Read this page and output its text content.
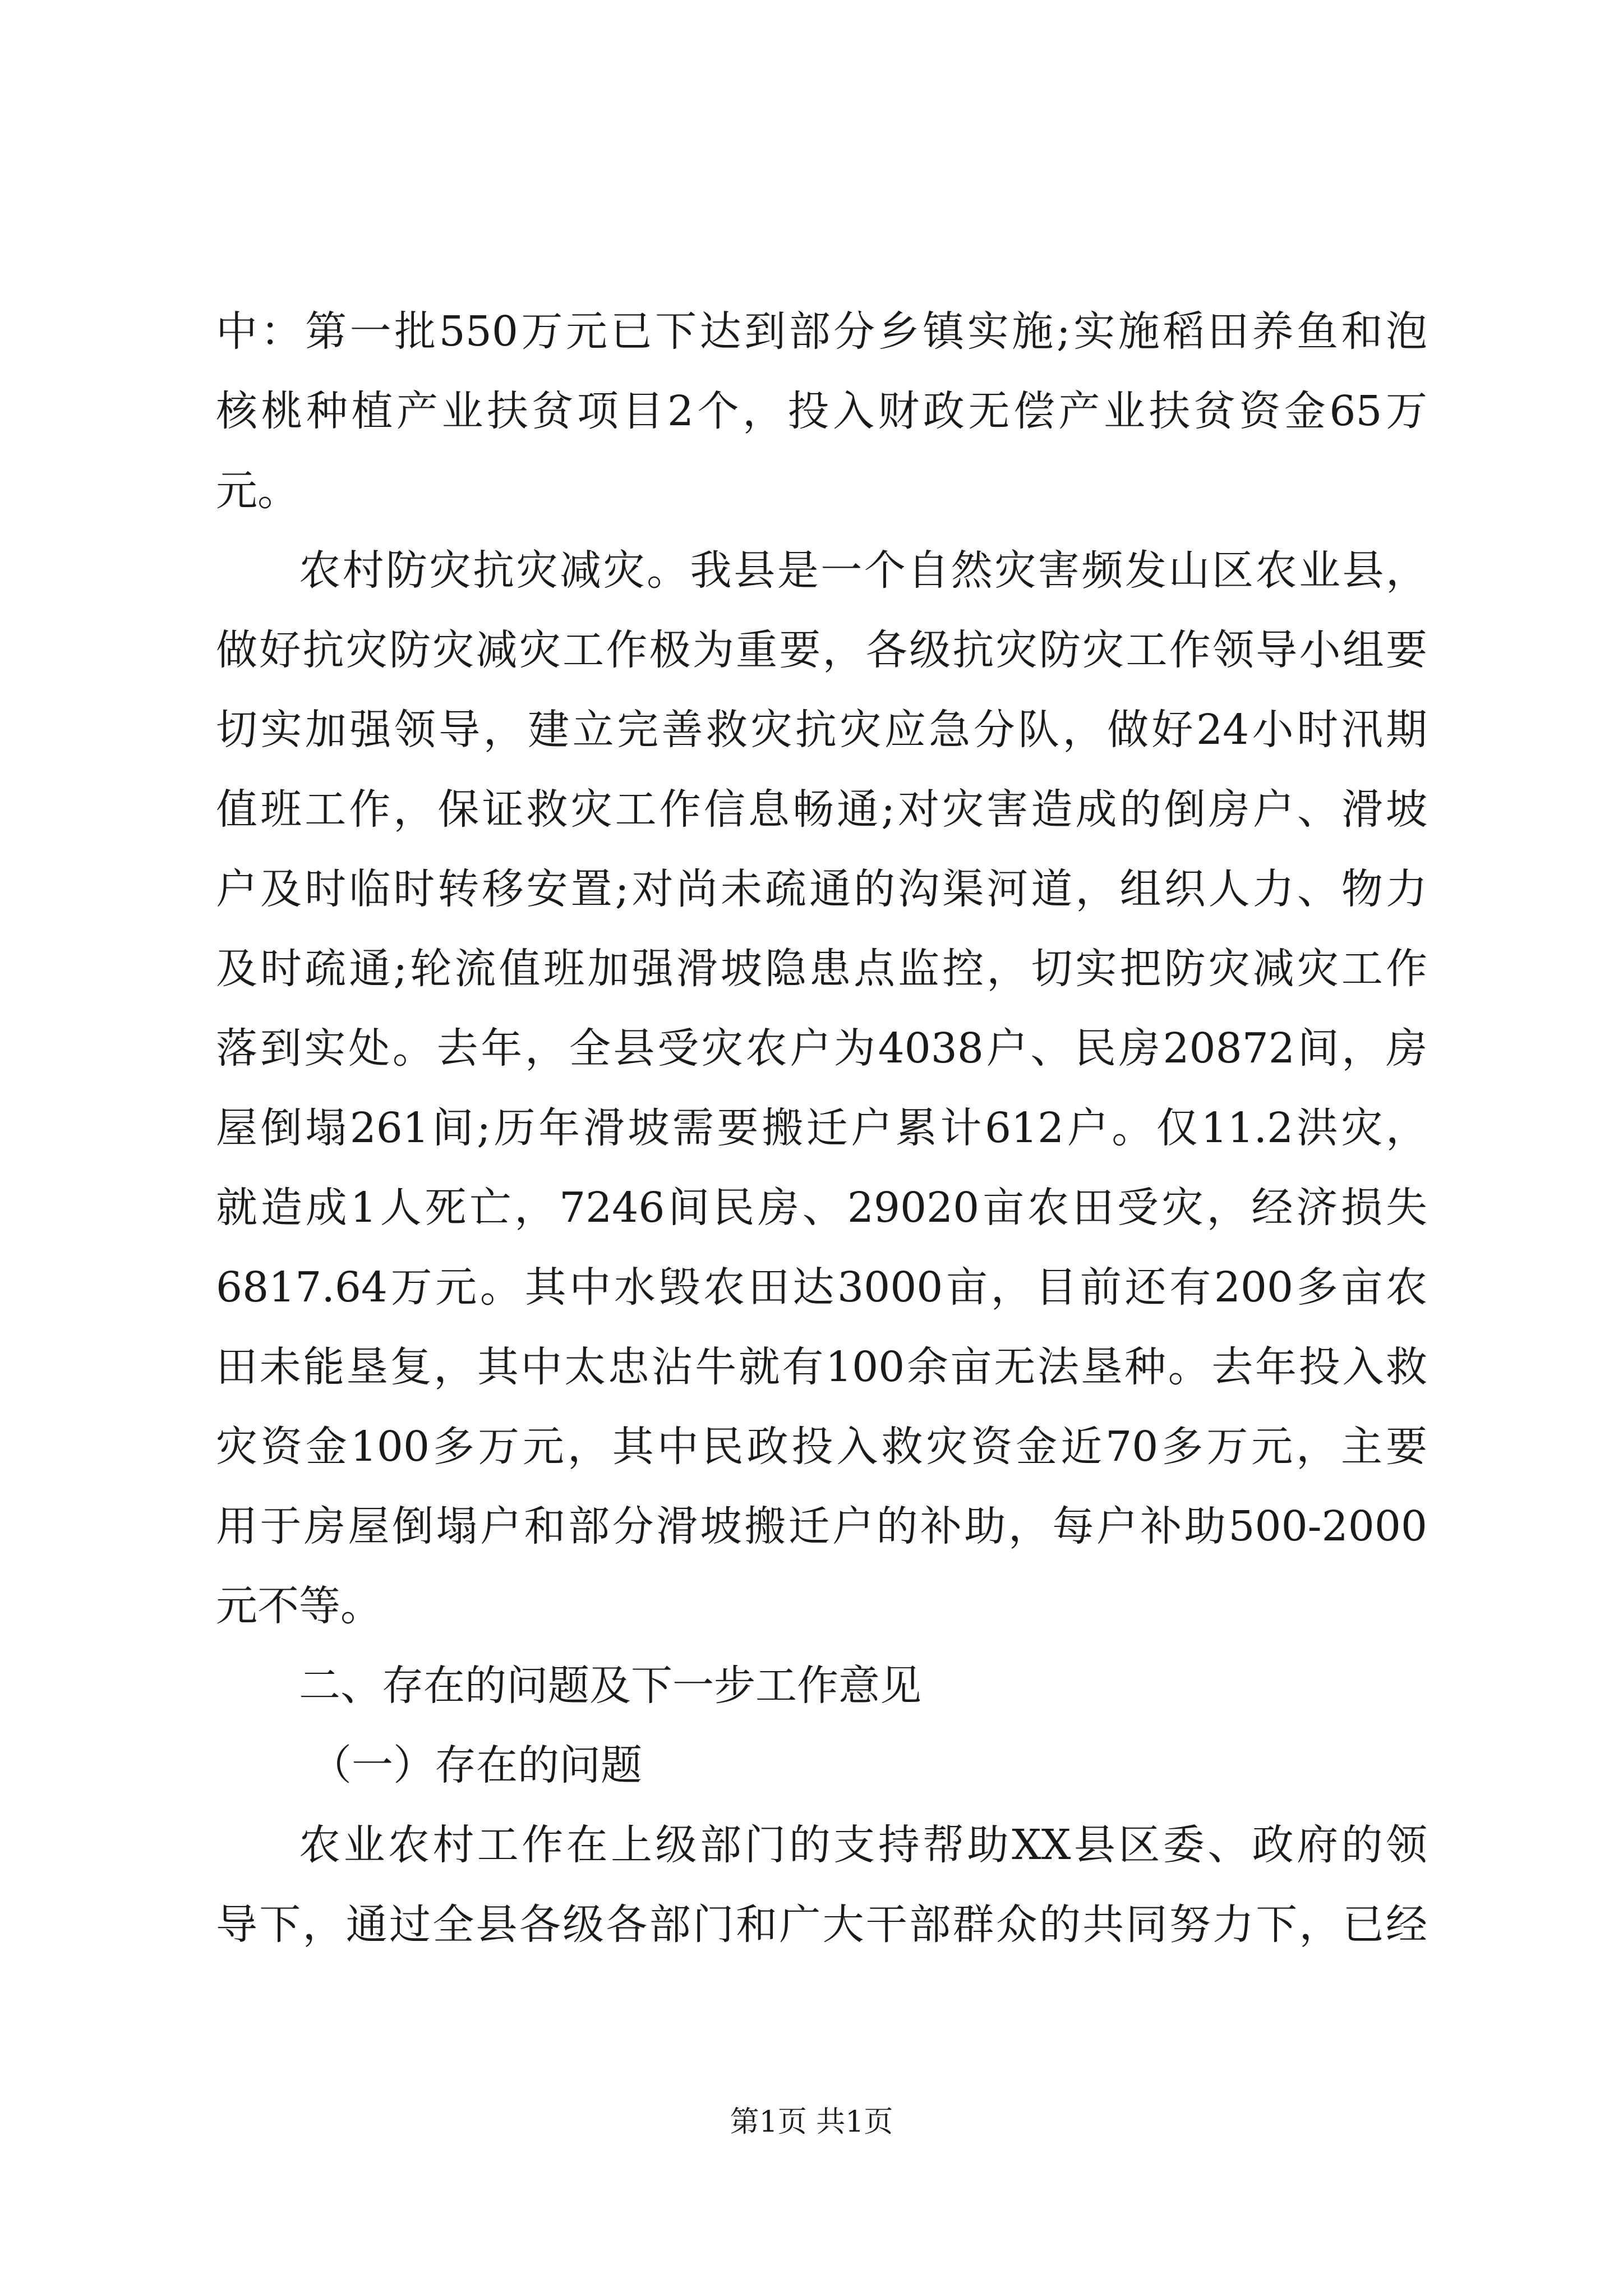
中：第一批550万元已下达到部分乡镇实施;实施稻田养鱼和泡
核桃种植产业扶贫项目2个，投入财政无偿产业扶贫资金65万
元。
农村防灾抗灾减灾。我县是一个自然灾害频发山区农业县，
做好抗灾防灾减灾工作极为重要，各级抗灾防灾工作领导小组要
切实加强领导，建立完善救灾抗灾应急分队，做好24小时汛期
值班工作，保证救灾工作信息畅通;对灾害造成的倒房户、滑坡
户及时临时转移安置;对尚未疏通的沟渠河道，组织人力、物力
及时疏通;轮流值班加强滑坡隐患点监控，切实把防灾减灾工作
落到实处。去年，全县受灾农户为4038户、民房20872间，房
屋倒塌261间;历年滑坡需要搬迁户累计612户。仅11.2洪灾，
就造成1人死亡，7246间民房、29020亩农田受灾，经济损失
6817.64万元。其中水毁农田达3000亩，目前还有200多亩农
田未能垦复，其中太忠沾牛就有100余亩无法垦种。去年投入救
灾资金100多万元，其中民政投入救灾资金近70多万元，主要
用于房屋倒塌户和部分滑坡搬迁户的补助，每户补助500-2000
元不等。
二、存在的问题及下一步工作意见
（一）存在的问题
农业农村工作在上级部门的支持帮助XX县区委、政府的领
导下，通过全县各级各部门和广大干部群众的共同努力下，已经
第1页 共1页
